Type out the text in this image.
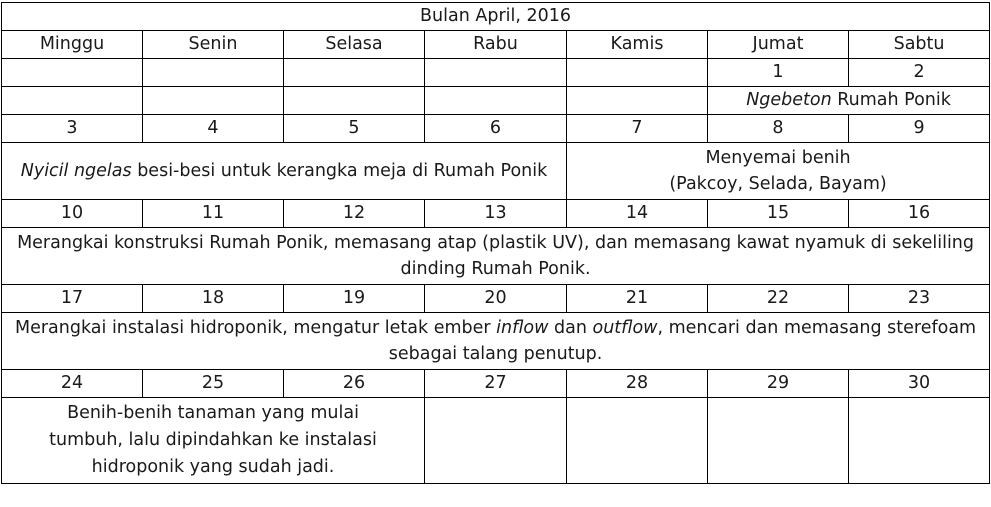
Bulan April, 2016						
Minggu	Senin	Selasa	Rabu	Kamis	Jumat	Sabtu
					1	2
					Ngebeton Rumah Ponik	
3	4	5	6	7	8	9
Nyicil ngelas besi-besi untuk kerangka meja di Rumah Ponik				Menyemai benih
(Pakcoy, Selada, Bayam)		
10	11	12	13	14	15	16
Merangkai konstruksi Rumah Ponik, memasang atap (plastik UV), dan memasang kawat nyamuk di sekeliling dinding Rumah Ponik.						
17	18	19	20	21	22	23
Merangkai instalasi hidroponik, mengatur letak ember inflow dan outflow, mencari dan memasang sterefoam sebagai talang penutup.						
24	25	26	27	28	29	30

Benih-benih tanaman yang mulai tumbuh, lalu dipindahkan ke instalasi hidroponik yang sudah jadi.						
